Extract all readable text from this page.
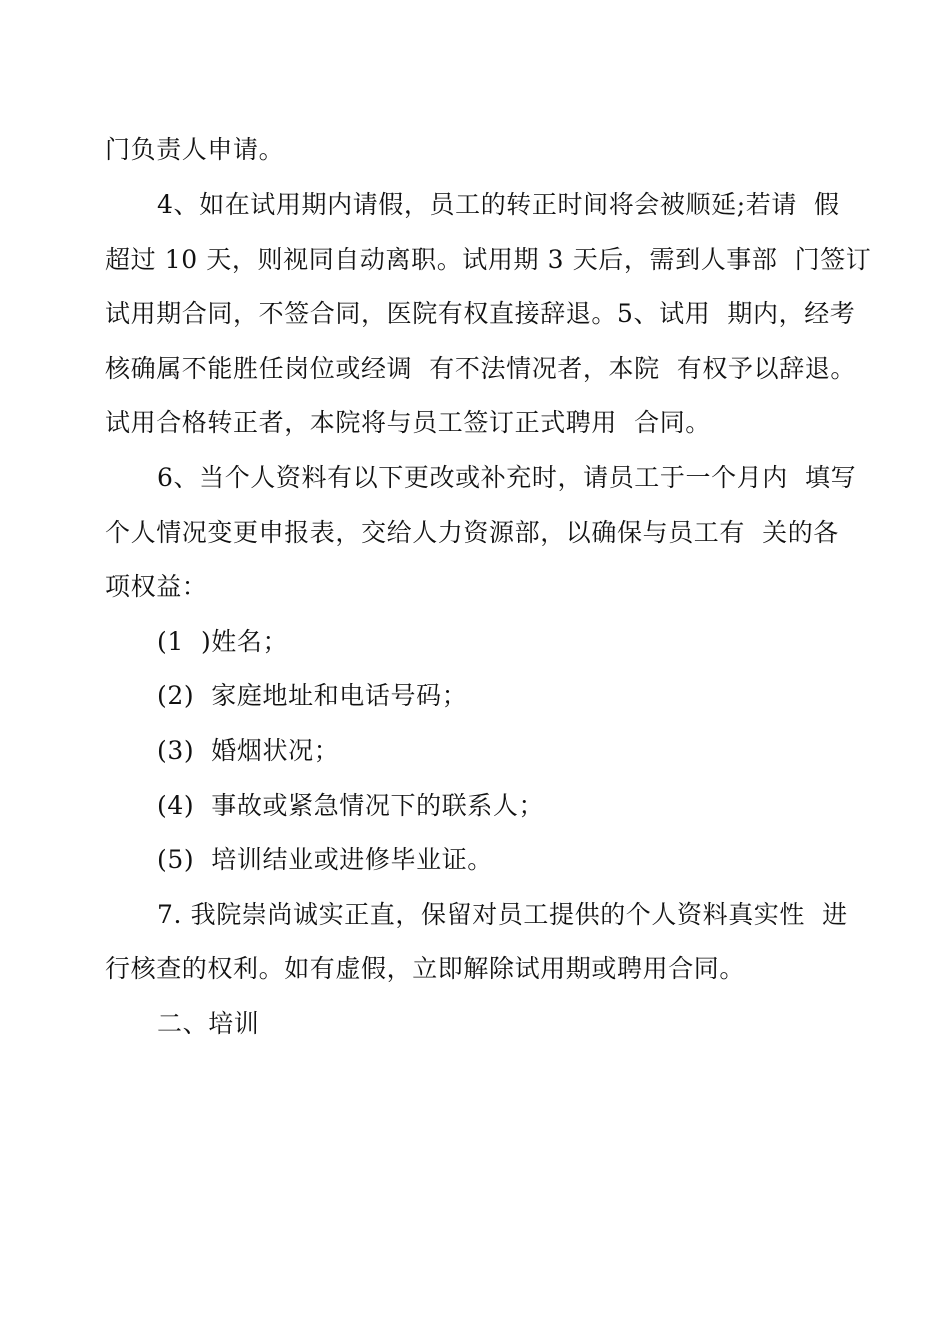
门负责人申请。
4、如在试用期内请假，员工的转正时间将会被顺延;若请  假
超过 10 天，则视同自动离职。试用期 3 天后，需到人事部  门签订
试用期合同，不签合同，医院有权直接辞退。5、试用  期内，经考
核确属不能胜任岗位或经调  有不法情况者，本院  有权予以辞退。
试用合格转正者，本院将与员工签订正式聘用  合同。
6、当个人资料有以下更改或补充时，请员工于一个月内  填写
个人情况变更申报表，交给人力资源部，以确保与员工有  关的各
项权益：
(1  )姓名；
(2)  家庭地址和电话号码；
(3)  婚烟状况；
(4)  事故或紧急情况下的联系人；
(5)  培训结业或进修毕业证。
7. 我院崇尚诚实正直，保留对员工提供的个人资料真实性  进
行核查的权利。如有虚假，立即解除试用期或聘用合同。
二、培训
